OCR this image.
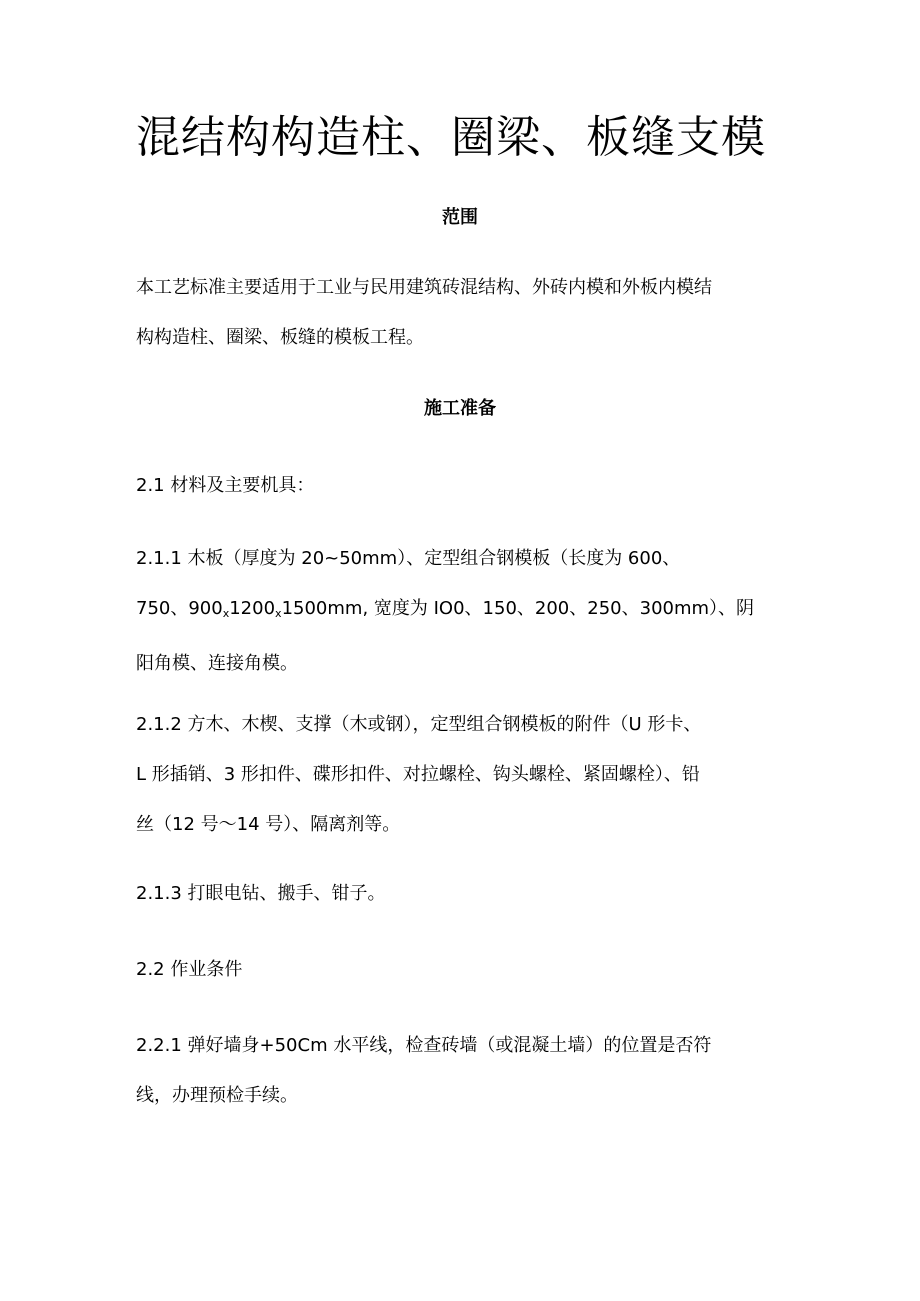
混结构构造柱、圈梁、板缝支模
范围

本工艺标准主要适用于工业与民用建筑砖混结构、外砖内模和外板内模结
构构造柱、圈梁、板缝的模板工程。

施工准备

2.1 材料及主要机具：

2.1.1 木板（厚度为 20~50mm）、定型组合钢模板（长度为 600、
750、$900_x1200_x1500mm$, 宽度为 IO0、150、200、250、300mm）、阴
阳角模、连接角模。

2.1.2 方木、木楔、支撑（木或钢），定型组合钢模板的附件（U 形卡、
L 形插销、3 形扣件、碟形扣件、对拉螺栓、钩头螺栓、紧固螺栓）、铅
丝（12 号～14 号）、隔离剂等。

2.1.3 打眼电钻、搬手、钳子。

2.2 作业条件

2.2.1 弹好墙身+50Cm 水平线，检查砖墙（或混凝土墙）的位置是否符
线，办理预检手续。
